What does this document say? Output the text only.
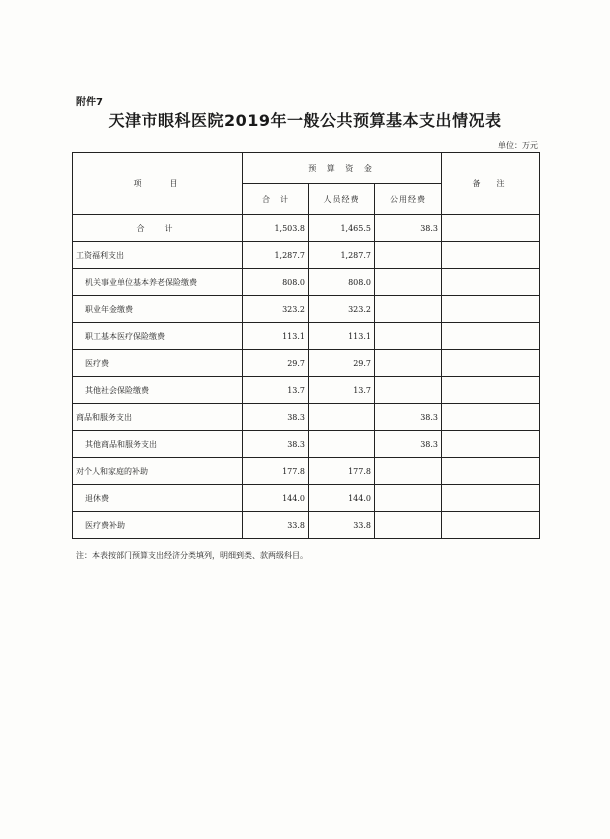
附件7
天津市眼科医院2019年一般公共预算基本支出情况表
单位：万元
项　　目	预 算 资 金			备　注
	合　计	人员经费	公用经费	
合　计	1,503.8	1,465.5	38.3	
工资福利支出	1,287.7	1,287.7		
机关事业单位基本养老保险缴费	808.0	808.0		
职业年金缴费	323.2	323.2		
职工基本医疗保险缴费	113.1	113.1		
医疗费	29.7	29.7		
其他社会保险缴费	13.7	13.7		
商品和服务支出	38.3		38.3	
其他商品和服务支出	38.3		38.3	
对个人和家庭的补助	177.8	177.8		
退休费	144.0	144.0		
医疗费补助	33.8	33.8		
注：本表按部门预算支出经济分类填列，明细到类、款两级科目。
